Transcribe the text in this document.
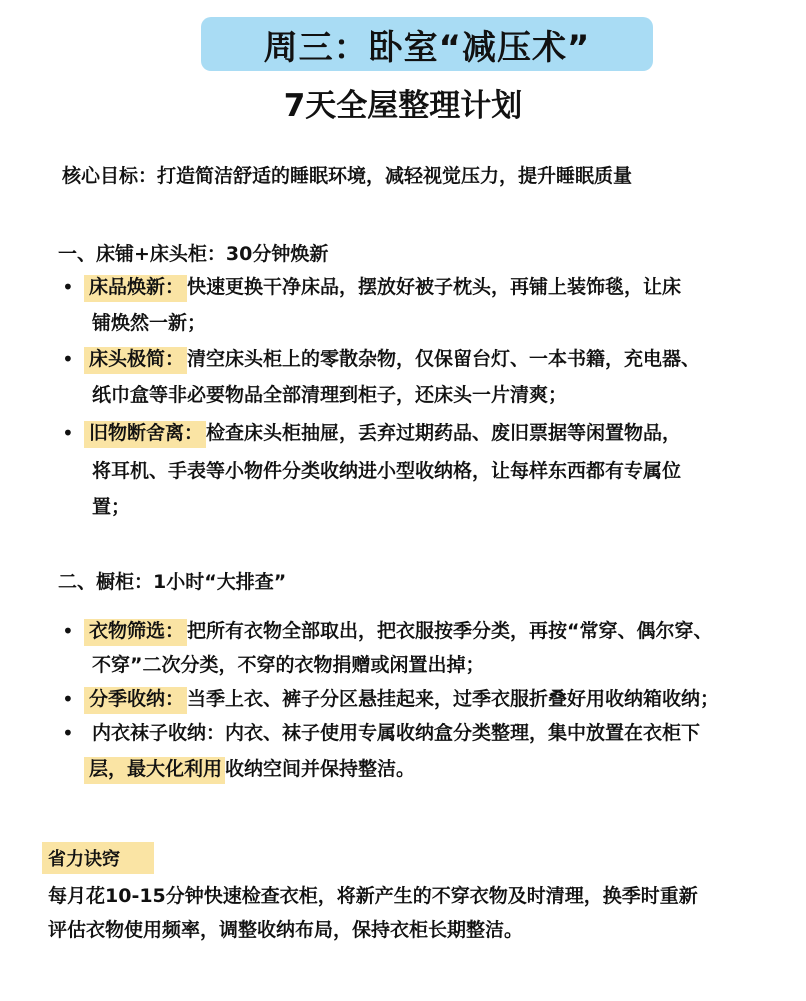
周三：卧室“减压术”
7天全屋整理计划
核心目标：打造简洁舒适的睡眠环境，减轻视觉压力，提升睡眠质量
一、床铺+床头柜：30分钟焕新
• 床品焕新： 快速更换干净床品，摆放好被子枕头，再铺上装饰毯，让床
铺焕然一新；
• 床头极简： 清空床头柜上的零散杂物，仅保留台灯、一本书籍，充电器、
纸巾盒等非必要物品全部清理到柜子，还床头一片清爽；
• 旧物断舍离： 检查床头柜抽屉，丢弃过期药品、废旧票据等闲置物品，
将耳机、手表等小物件分类收纳进小型收纳格，让每样东西都有专属位
置；
二、橱柜：1小时“大排查”
• 衣物筛选： 把所有衣物全部取出，把衣服按季分类，再按“常穿、偶尔穿、
不穿”二次分类，不穿的衣物捐赠或闲置出掉；
• 分季收纳： 当季上衣、裤子分区悬挂起来，过季衣服折叠好用收纳箱收纳；
• 内衣袜子收纳：内衣、袜子使用专属收纳盒分类整理，集中放置在衣柜下
层，最大化利用 收纳空间并保持整洁。
省力诀窍
每月花10-15分钟快速检查衣柜，将新产生的不穿衣物及时清理，换季时重新
评估衣物使用频率，调整收纳布局，保持衣柜长期整洁。
